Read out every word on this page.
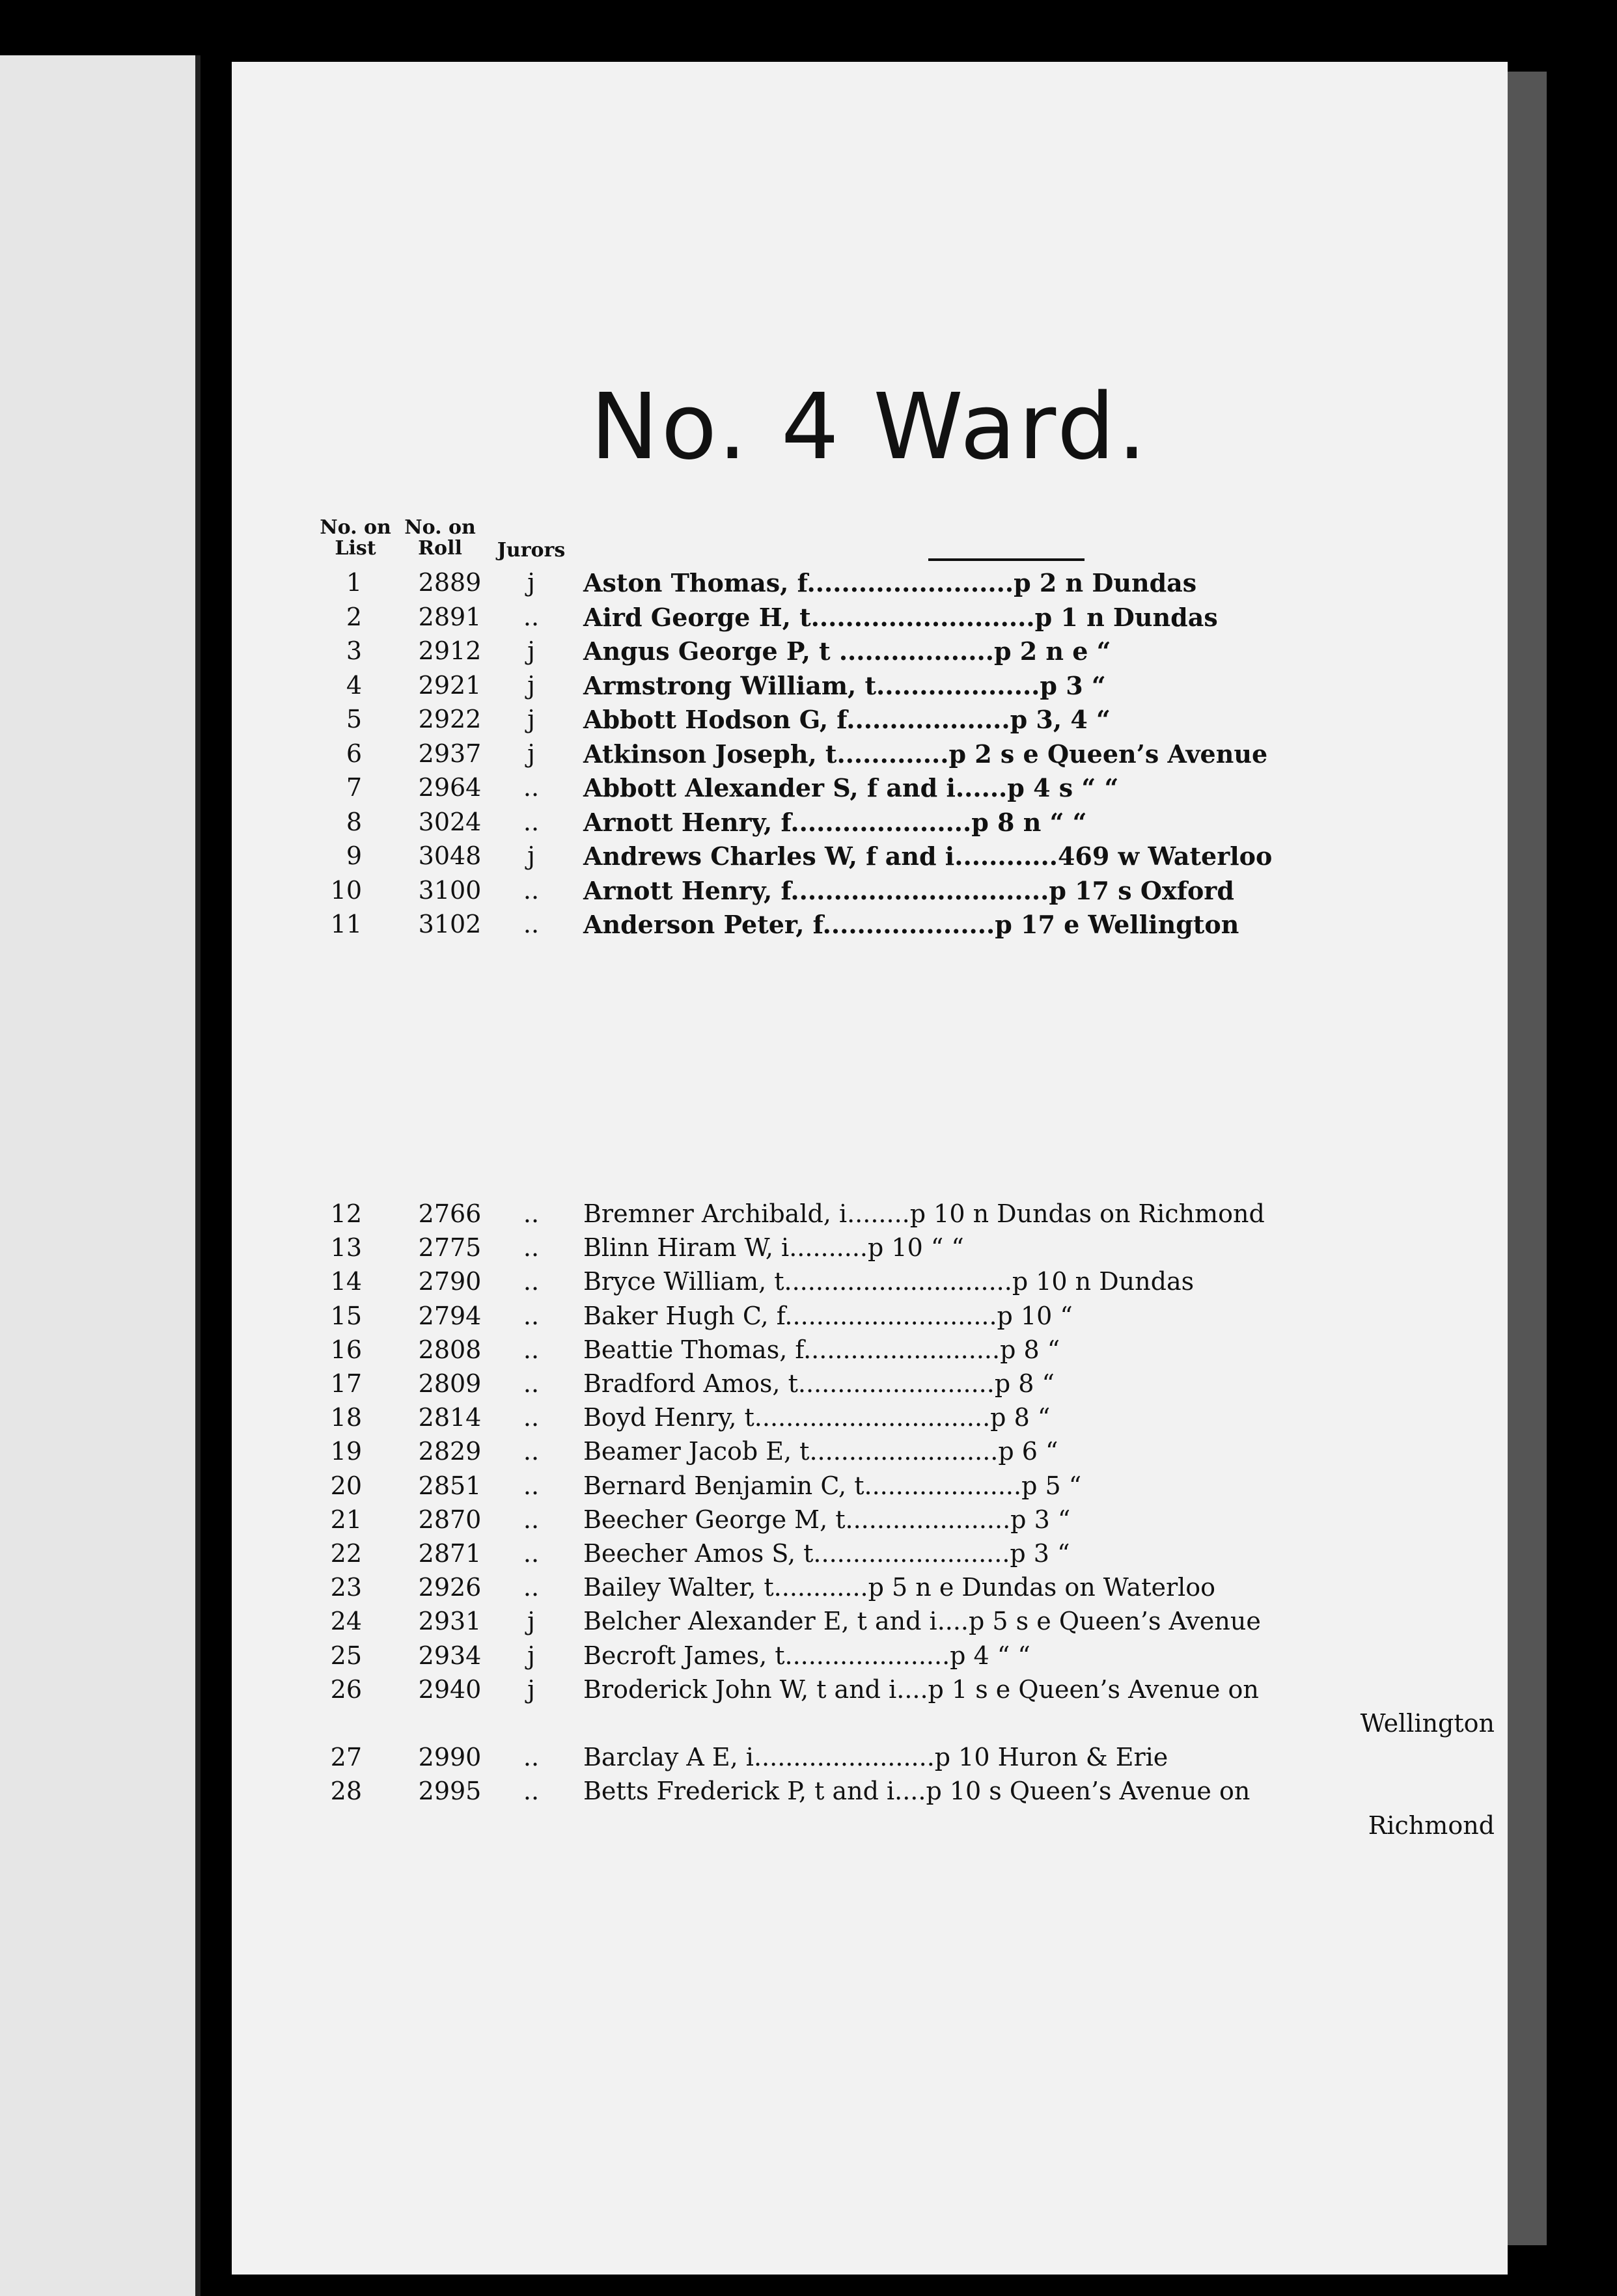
No. 4 Ward.
No. on List
No. on Roll	Jurors
1 2889	j	Aston Thomas, f........................p 2 n Dundas
2 2891	..	Aird George H, t..........................p 1 n Dundas
3 2912	j	Angus George P, t ..................p 2 n e “
4 2921	j	Armstrong William, t...................p 3 “
5 2922	j	Abbott Hodson G, f...................p 3, 4 “
6 2937	j	Atkinson Joseph, t.............p 2 s e Queen’s Avenue
7 2964	..	Abbott Alexander S, f and i......p 4 s “ “
8 3024	..	Arnott Henry, f.....................p 8 n “ “
9 3048	j	Andrews Charles W, f and i............469 w Waterloo
10 3100	..	Arnott Henry, f..............................p 17 s Oxford
11 3102	..	Anderson Peter, f....................p 17 e Wellington
12 2766	..	Bremner Archibald, i........p 10 n Dundas on Richmond
13 2775	..	Blinn Hiram W, i..........p 10 “ “
14 2790	..	Bryce William, t.............................p 10 n Dundas
15 2794	..	Baker Hugh C, f...........................p 10 “
16 2808	..	Beattie Thomas, f.........................p 8 “
17 2809	..	Bradford Amos, t.........................p 8 “
18 2814	..	Boyd Henry, t..............................p 8 “
19 2829	..	Beamer Jacob E, t........................p 6 “
20 2851	..	Bernard Benjamin C, t....................p 5 “
21 2870	..	Beecher George M, t.....................p 3 “
22 2871	..	Beecher Amos S, t.........................p 3 “
23 2926	..	Bailey Walter, t............p 5 n e Dundas on Waterloo
24 2931	j	Belcher Alexander E, t and i....p 5 s e Queen’s Avenue
25 2934	j	Becroft James, t.....................p 4 “ “
26 2940	j	Broderick John W, t and i....p 1 s e Queen’s Avenue on
Wellington
27 2990	..	Barclay A E, i.......................p 10 Huron & Erie
28 2995	..	Betts Frederick P, t and i....p 10 s Queen’s Avenue on
Richmond
